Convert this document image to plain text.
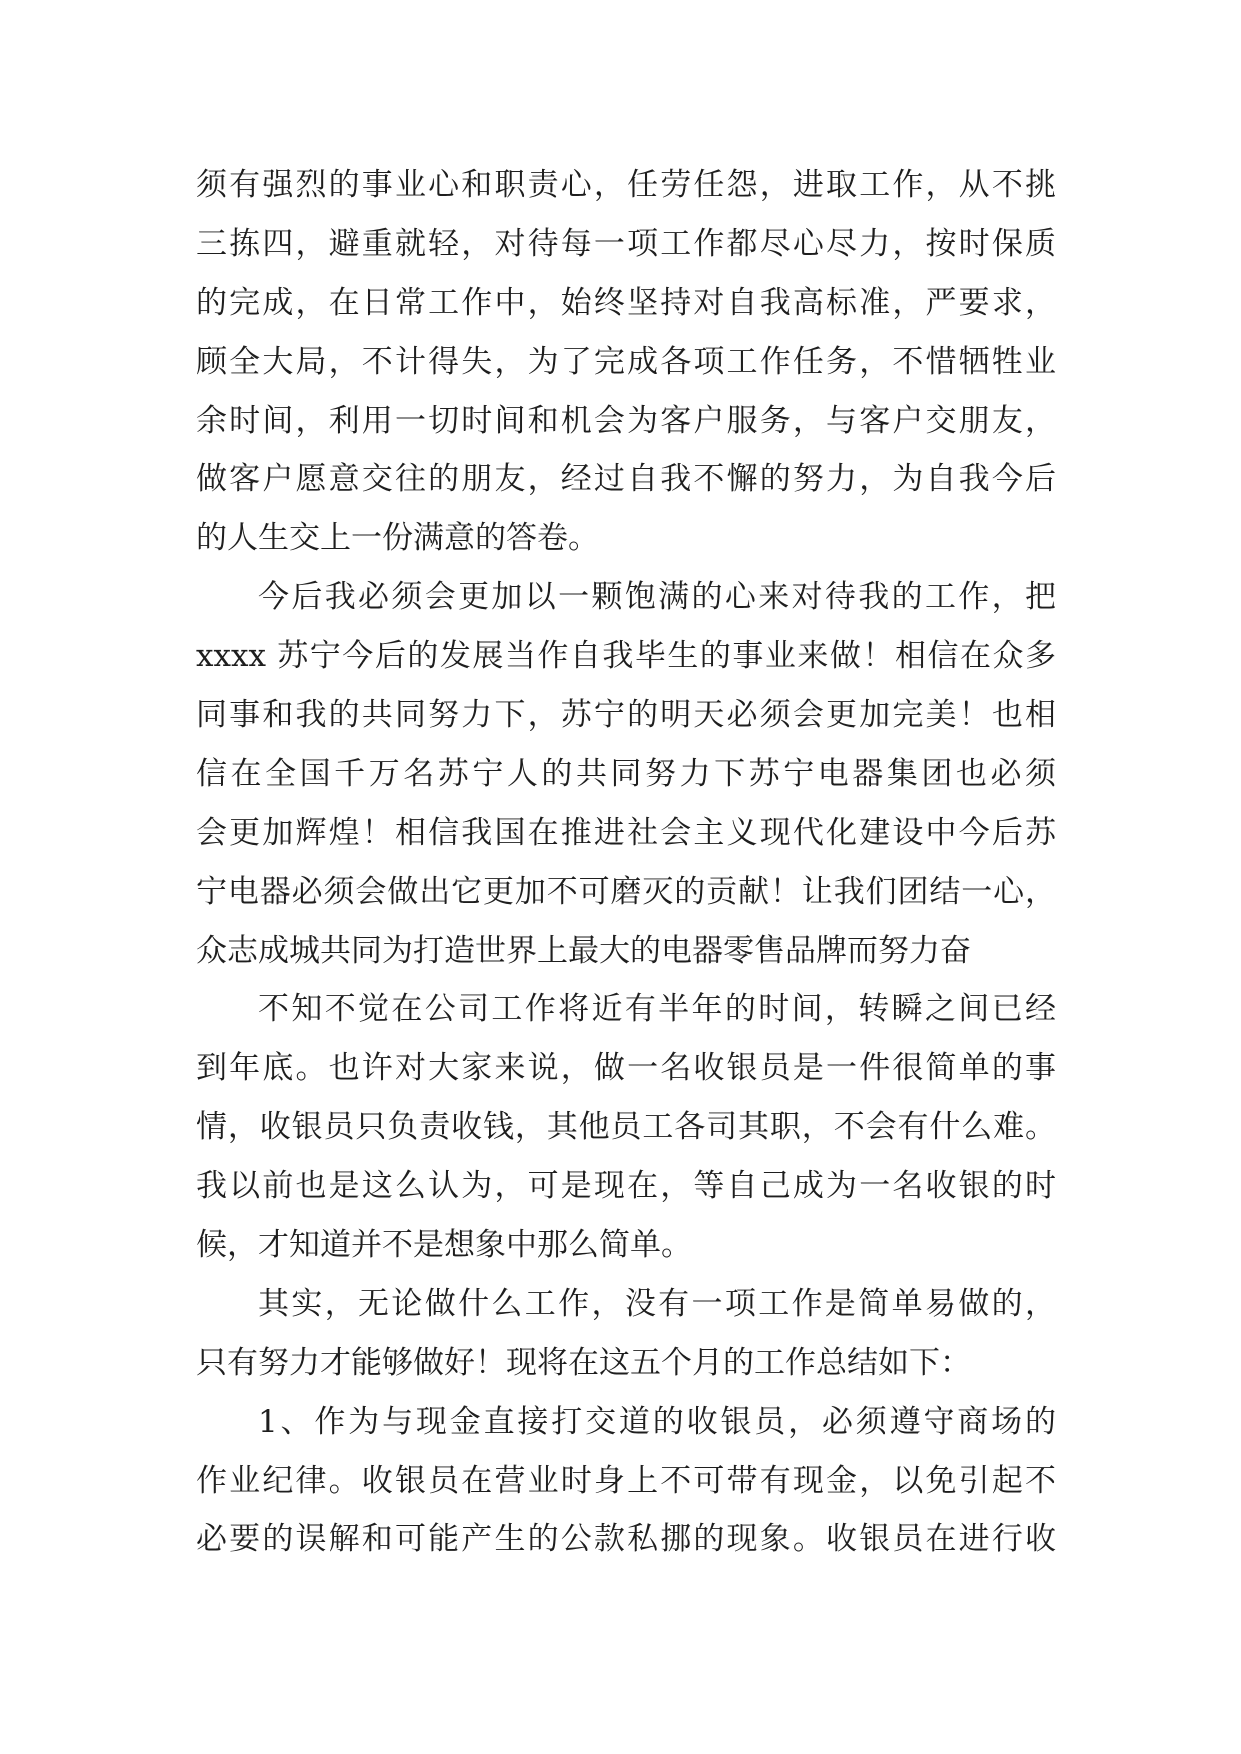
须有强烈的事业心和职责心，任劳任怨，进取工作，从不挑
三拣四，避重就轻，对待每一项工作都尽心尽力，按时保质
的完成，在日常工作中，始终坚持对自我高标准，严要求，
顾全大局，不计得失，为了完成各项工作任务，不惜牺牲业
余时间，利用一切时间和机会为客户服务，与客户交朋友，
做客户愿意交往的朋友，经过自我不懈的努力，为自我今后
的人生交上一份满意的答卷。
今后我必须会更加以一颗饱满的心来对待我的工作，把
xxxx 苏宁今后的发展当作自我毕生的事业来做！相信在众多
同事和我的共同努力下，苏宁的明天必须会更加完美！也相
信在全国千万名苏宁人的共同努力下苏宁电器集团也必须
会更加辉煌！相信我国在推进社会主义现代化建设中今后苏
宁电器必须会做出它更加不可磨灭的贡献！让我们团结一心，
众志成城共同为打造世界上最大的电器零售品牌而努力奋
不知不觉在公司工作将近有半年的时间，转瞬之间已经
到年底。也许对大家来说，做一名收银员是一件很简单的事
情，收银员只负责收钱，其他员工各司其职，不会有什么难。
我以前也是这么认为，可是现在，等自己成为一名收银的时
候，才知道并不是想象中那么简单。
其实，无论做什么工作，没有一项工作是简单易做的，
只有努力才能够做好！现将在这五个月的工作总结如下：
1、作为与现金直接打交道的收银员，必须遵守商场的
作业纪律。收银员在营业时身上不可带有现金，以免引起不
必要的误解和可能产生的公款私挪的现象。收银员在进行收
